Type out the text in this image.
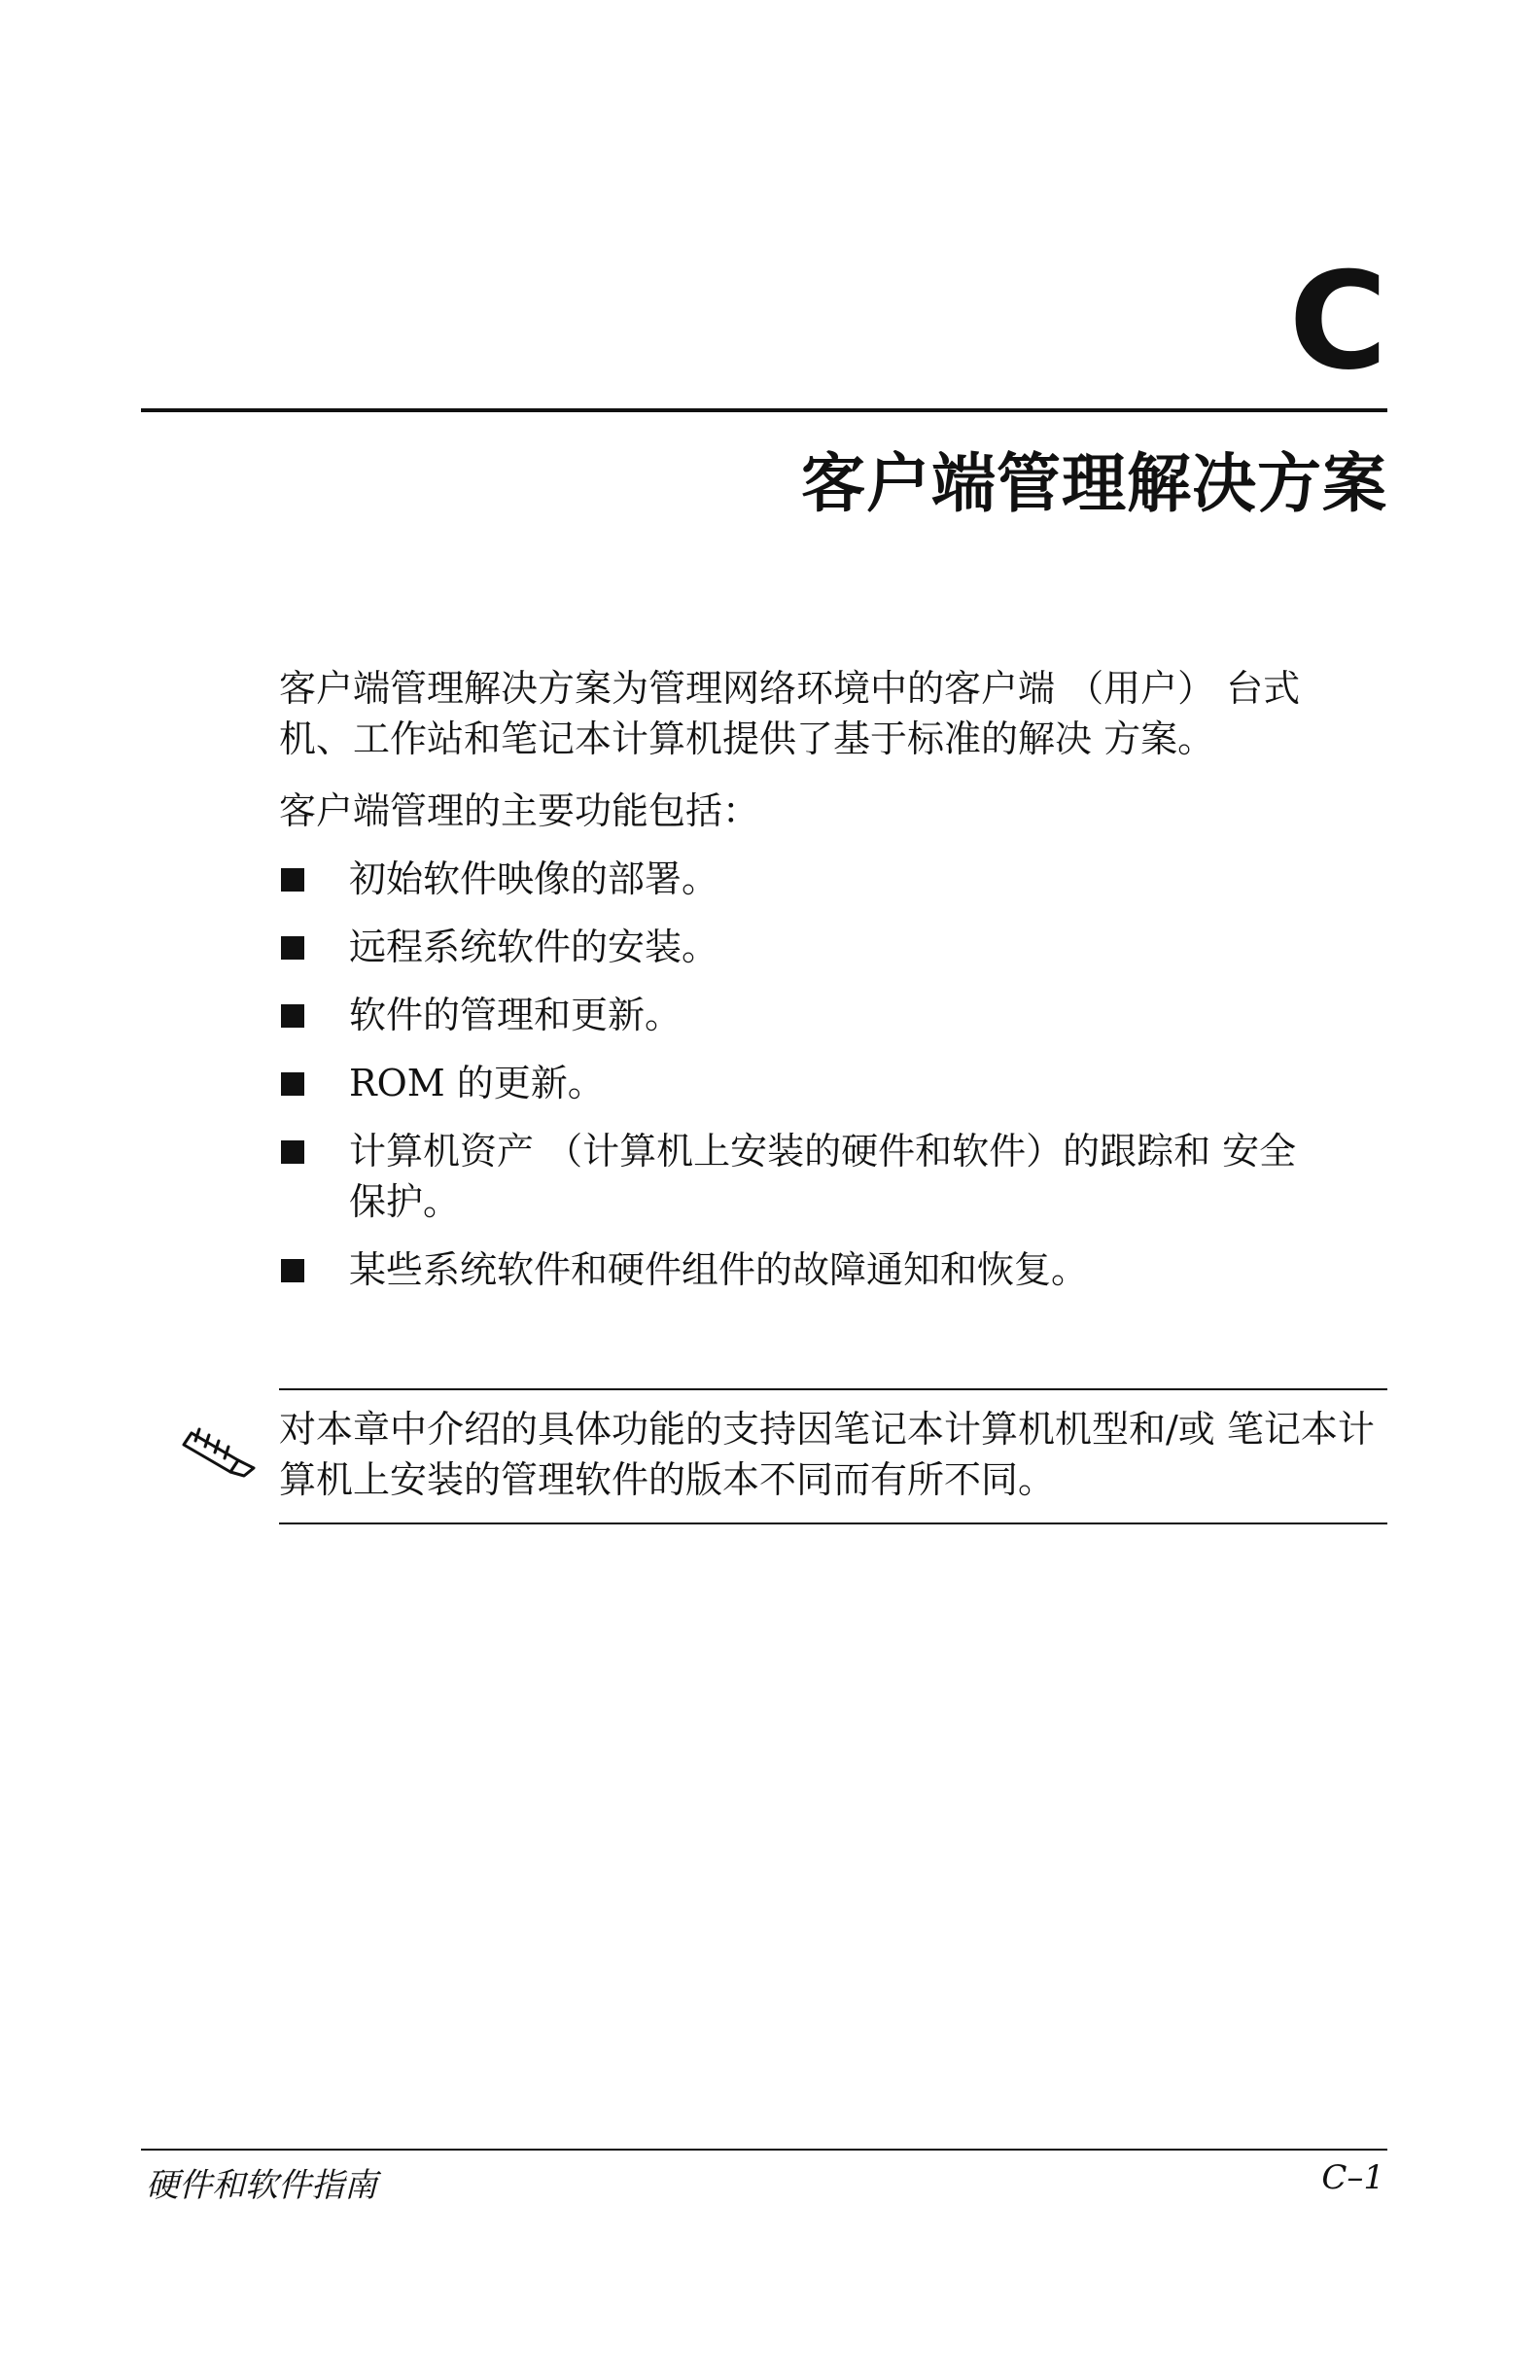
C
客户端管理解决方案

客户端管理解决方案为管理网络环境中的客户端 （用户） 台式机、工作站和笔记本计算机提供了基于标准的解决 方案。

客户端管理的主要功能包括：

初始软件映像的部署。
远程系统软件的安装。
软件的管理和更新。
ROM 的更新。
计算机资产 （计算机上安装的硬件和软件）的跟踪和 安全保护。
某些系统软件和硬件组件的故障通知和恢复。
对本章中介绍的具体功能的支持因笔记本计算机机型和/或 笔记本计算机上安装的管理软件的版本不同而有所不同。

硬件和软件指南	C–1
